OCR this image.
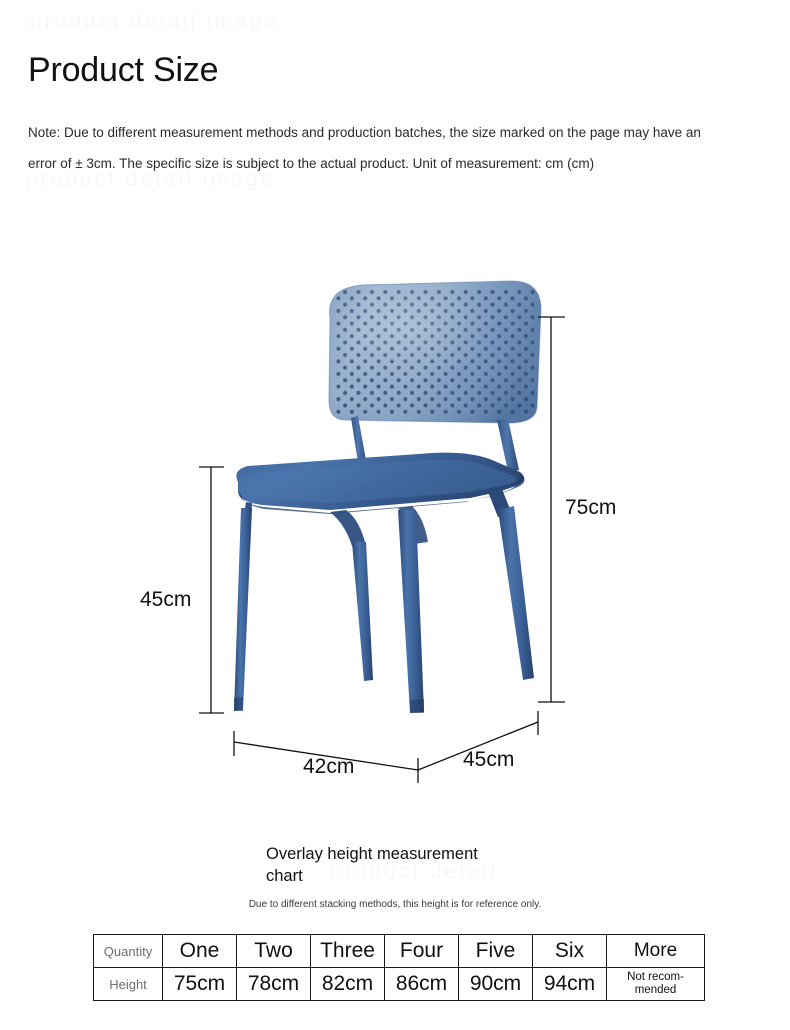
product detail image
product detail image
product detail
Product Size

Note: Due to different measurement methods and production batches, the size marked on the page may have an error of ± 3cm. The specific size is subject to the actual product. Unit of measurement: cm (cm)

45cm
75cm
42cm	45cm
Overlay height measurement chart
Due to different stacking methods, this height is for reference only.
Quantity	One	Two	Three	Four	Five	Six	More
Height	75cm	78cm	82cm	86cm	90cm	94cm	Not recom-
mended
